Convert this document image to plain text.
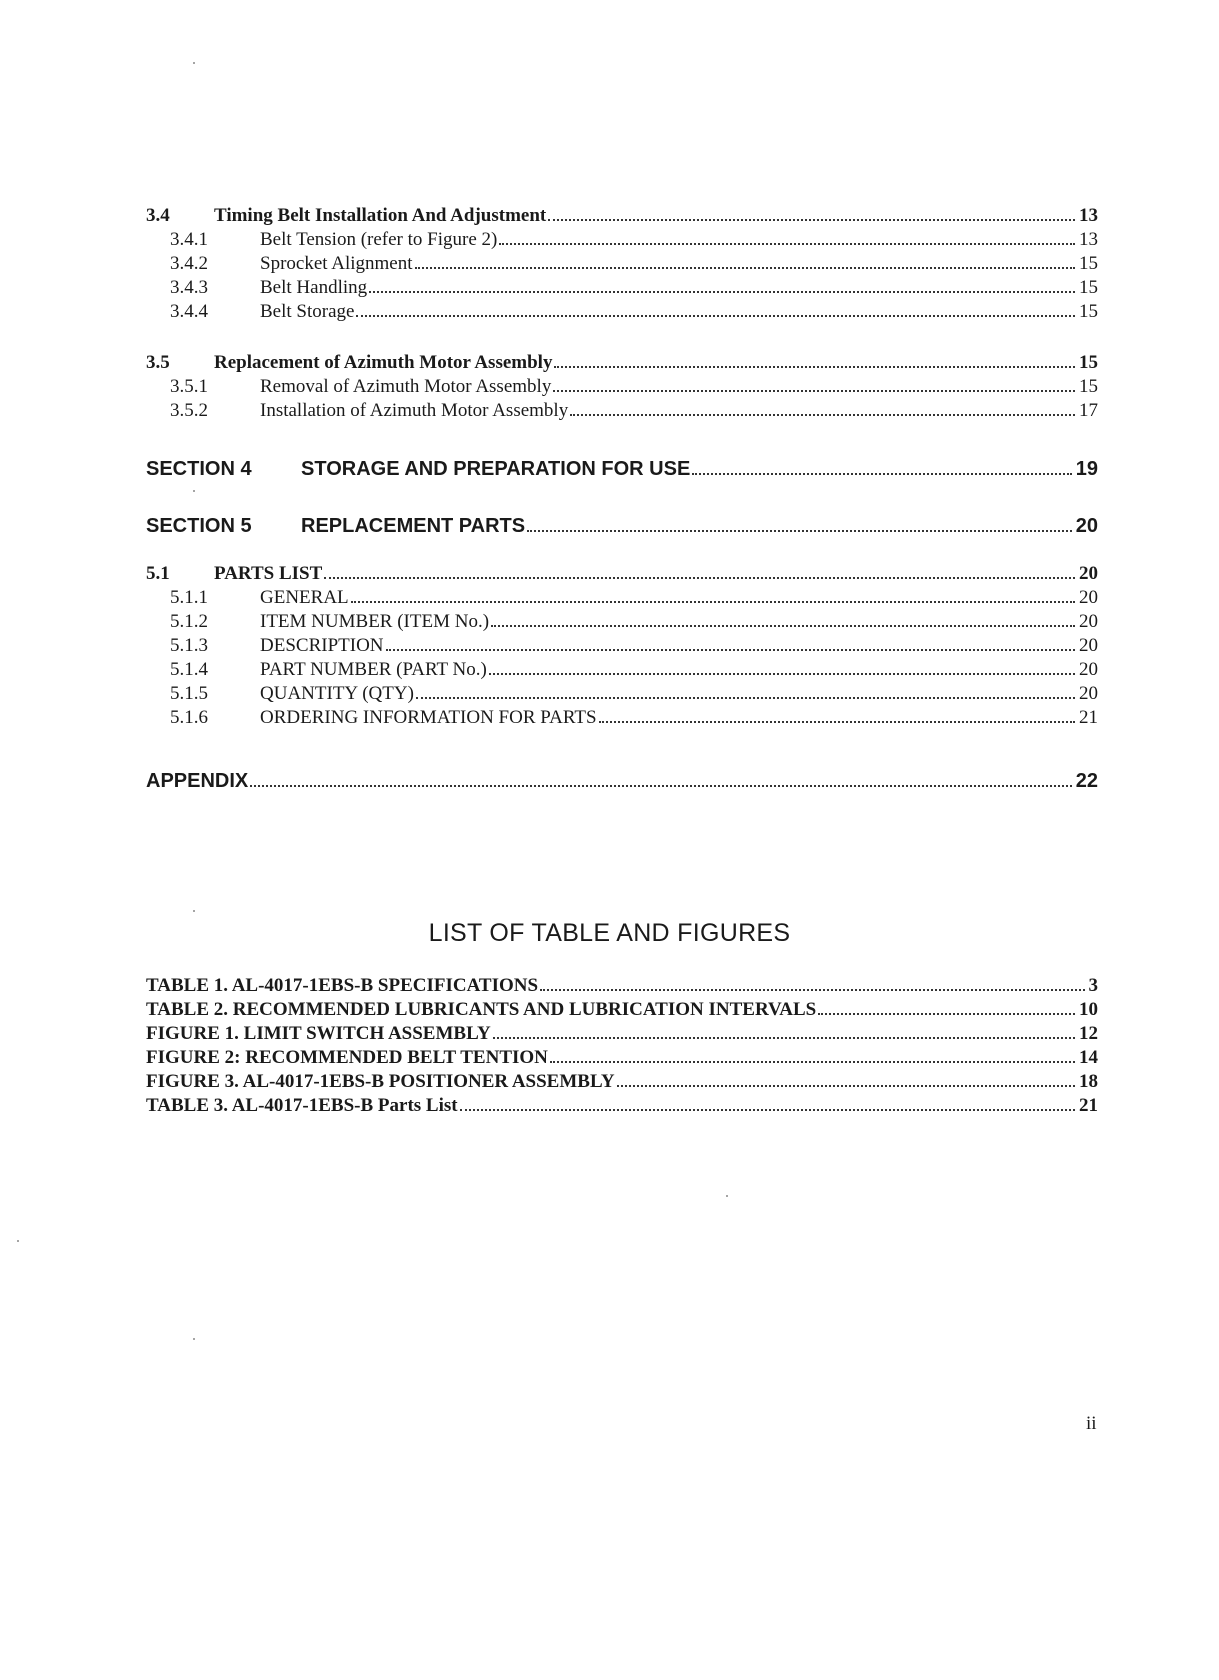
3.4	Timing Belt Installation And Adjustment	13
3.4.1	Belt Tension (refer to Figure 2)	13
3.4.2	Sprocket Alignment	15
3.4.3	Belt Handling	15
3.4.4	Belt Storage	15
3.5	Replacement of Azimuth Motor Assembly	15
3.5.1	Removal of Azimuth Motor Assembly	15
3.5.2	Installation of Azimuth Motor Assembly	17
SECTION 4	STORAGE AND PREPARATION FOR USE	19
SECTION 5	REPLACEMENT PARTS	20
5.1	PARTS LIST	20
5.1.1	GENERAL	20
5.1.2	ITEM NUMBER (ITEM No.)	20
5.1.3	DESCRIPTION	20
5.1.4	PART NUMBER (PART No.)	20
5.1.5	QUANTITY (QTY)	20
5.1.6	ORDERING INFORMATION FOR PARTS	21
APPENDIX	22
LIST OF TABLE AND FIGURES
TABLE 1. AL-4017-1EBS-B SPECIFICATIONS	3
TABLE 2. RECOMMENDED LUBRICANTS AND LUBRICATION INTERVALS	10
FIGURE 1. LIMIT SWITCH ASSEMBLY	12
FIGURE 2: RECOMMENDED BELT TENTION	14
FIGURE 3. AL-4017-1EBS-B POSITIONER ASSEMBLY	18
TABLE 3. AL-4017-1EBS-B Parts List	21
ii
